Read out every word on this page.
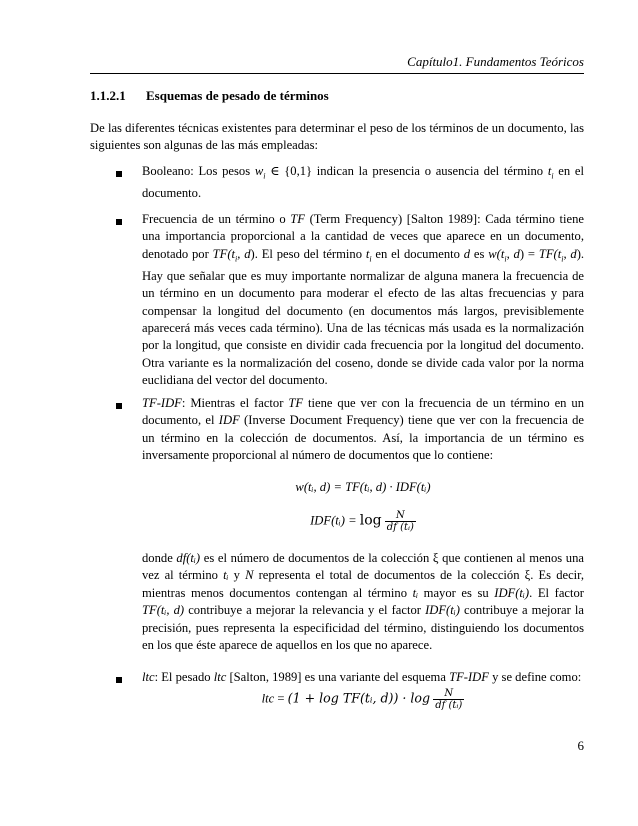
Capítulo1. Fundamentos Teóricos
1.1.2.1 Esquemas de pesado de términos
De las diferentes técnicas existentes para determinar el peso de los términos de un documento, las siguientes son algunas de las más empleadas:
Booleano: Los pesos $w_i$ ∈ {0,1} indican la presencia o ausencia del término $t_i$ en el documento.
Frecuencia de un término o TF (Term Frequency) [Salton 1989]: Cada término tiene una importancia proporcional a la cantidad de veces que aparece en un documento, denotado por $TF(t_i$, d). El peso del término $t_i$ en el documento d es $w(t_i$, $d) = TF(t_i$, d). Hay que señalar que es muy importante normalizar de alguna manera la frecuencia de un término en un documento para moderar el efecto de las altas frecuencias y para compensar la longitud del documento (en documentos más largos, previsiblemente aparecerá más veces cada término). Una de las técnicas más usada es la normalización por la longitud, que consiste en dividir cada frecuencia por la longitud del documento. Otra variante es la normalización del coseno, donde se divide cada valor por la norma euclidiana del vector del documento.
TF-IDF: Mientras el factor TF tiene que ver con la frecuencia de un término en un documento, el IDF (Inverse Document Frequency) tiene que ver con la frecuencia de un término en la colección de documentos. Así, la importancia de un término es inversamente proporcional al número de documentos que lo contiene:
w(tᵢ, d) = TF(tᵢ, d) · IDF(tᵢ)
IDF(tᵢ) = $\log \frac{N}{\text{df (tᵢ)}}$
donde df(tᵢ) es el número de documentos de la colección ξ que contienen al menos una vez al término tᵢ y N representa el total de documentos de la colección ξ. Es decir, mientras menos documentos contengan al término tᵢ mayor es su IDF(tᵢ). El factor TF(tᵢ, d) contribuye a mejorar la relevancia y el factor IDF(tᵢ) contribuye a mejorar la precisión, pues representa la especificidad del término, distinguiendo los documentos en los que éste aparece de aquellos en los que no aparece.
ltc: El pesado ltc [Salton, 1989] es una variante del esquema TF-IDF y se define como:
ltc = (1 + log TF(tᵢ, $d)) \cdot \log \frac{N}{\text{df (tᵢ)}}$
6
